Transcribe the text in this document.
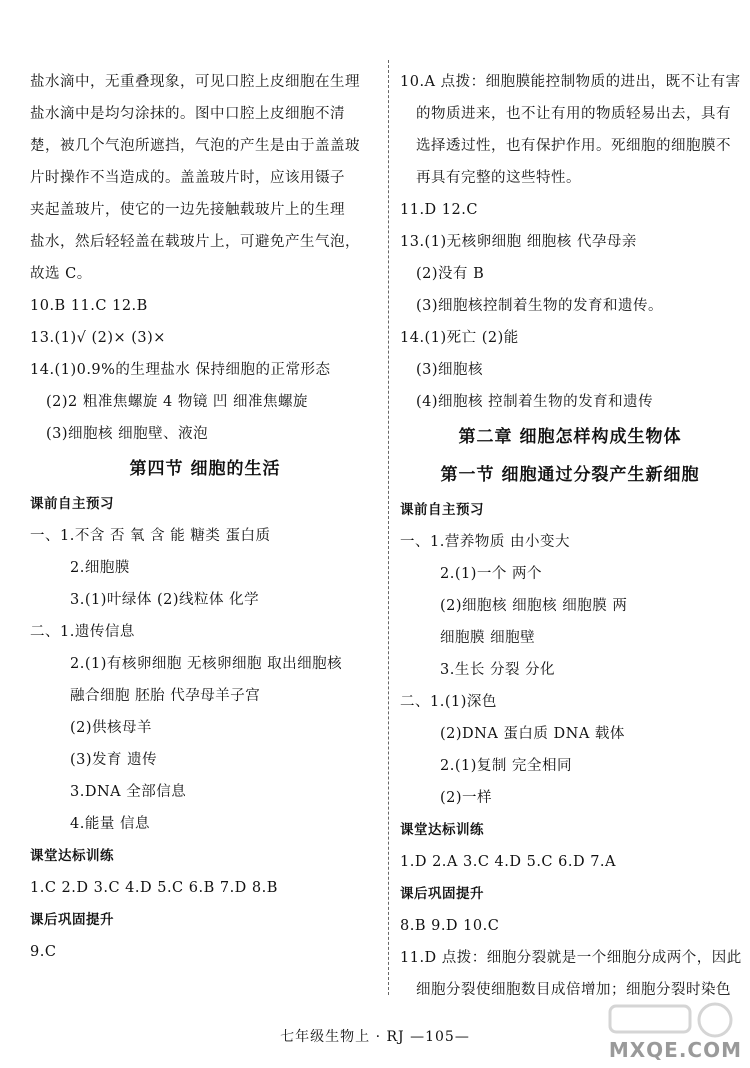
盐水滴中，无重叠现象，可见口腔上皮细胞在生理
盐水滴中是均匀涂抹的。图中口腔上皮细胞不清
楚，被几个气泡所遮挡，气泡的产生是由于盖盖玻
片时操作不当造成的。盖盖玻片时，应该用镊子
夹起盖玻片，使它的一边先接触载玻片上的生理
盐水，然后轻轻盖在载玻片上，可避免产生气泡，
故选 C。
10.B 11.C 12.B
13.(1)√ (2)× (3)×
14.(1)0.9%的生理盐水 保持细胞的正常形态
(2)2 粗准焦螺旋 4 物镜 凹 细准焦螺旋
(3)细胞核 细胞壁、液泡
第四节 细胞的生活
课前自主预习
一、1.不含 否 氧 含 能 糖类 蛋白质
2.细胞膜
3.(1)叶绿体 (2)线粒体 化学
二、1.遗传信息
2.(1)有核卵细胞 无核卵细胞 取出细胞核
融合细胞 胚胎 代孕母羊子宫
(2)供核母羊
(3)发育 遗传
3.DNA 全部信息
4.能量 信息
课堂达标训练
1.C 2.D 3.C 4.D 5.C 6.B 7.D 8.B
课后巩固提升
9.C
10.A 点拨：细胞膜能控制物质的进出，既不让有害
的物质进来，也不让有用的物质轻易出去，具有
选择透过性，也有保护作用。死细胞的细胞膜不
再具有完整的这些特性。
11.D 12.C
13.(1)无核卵细胞 细胞核 代孕母亲
(2)没有 B
(3)细胞核控制着生物的发育和遗传。
14.(1)死亡 (2)能
(3)细胞核
(4)细胞核 控制着生物的发育和遗传
第二章 细胞怎样构成生物体
第一节 细胞通过分裂产生新细胞
课前自主预习
一、1.营养物质 由小变大
2.(1)一个 两个
(2)细胞核 细胞核 细胞膜 两
细胞膜 细胞壁
3.生长 分裂 分化
二、1.(1)深色
(2)DNA 蛋白质 DNA 载体
2.(1)复制 完全相同
(2)一样
课堂达标训练
1.D 2.A 3.C 4.D 5.C 6.D 7.A
课后巩固提升
8.B 9.D 10.C
11.D 点拨：细胞分裂就是一个细胞分成两个，因此
细胞分裂使细胞数目成倍增加；细胞分裂时染色
七年级生物上 · RJ —105—
MXQE.COM
